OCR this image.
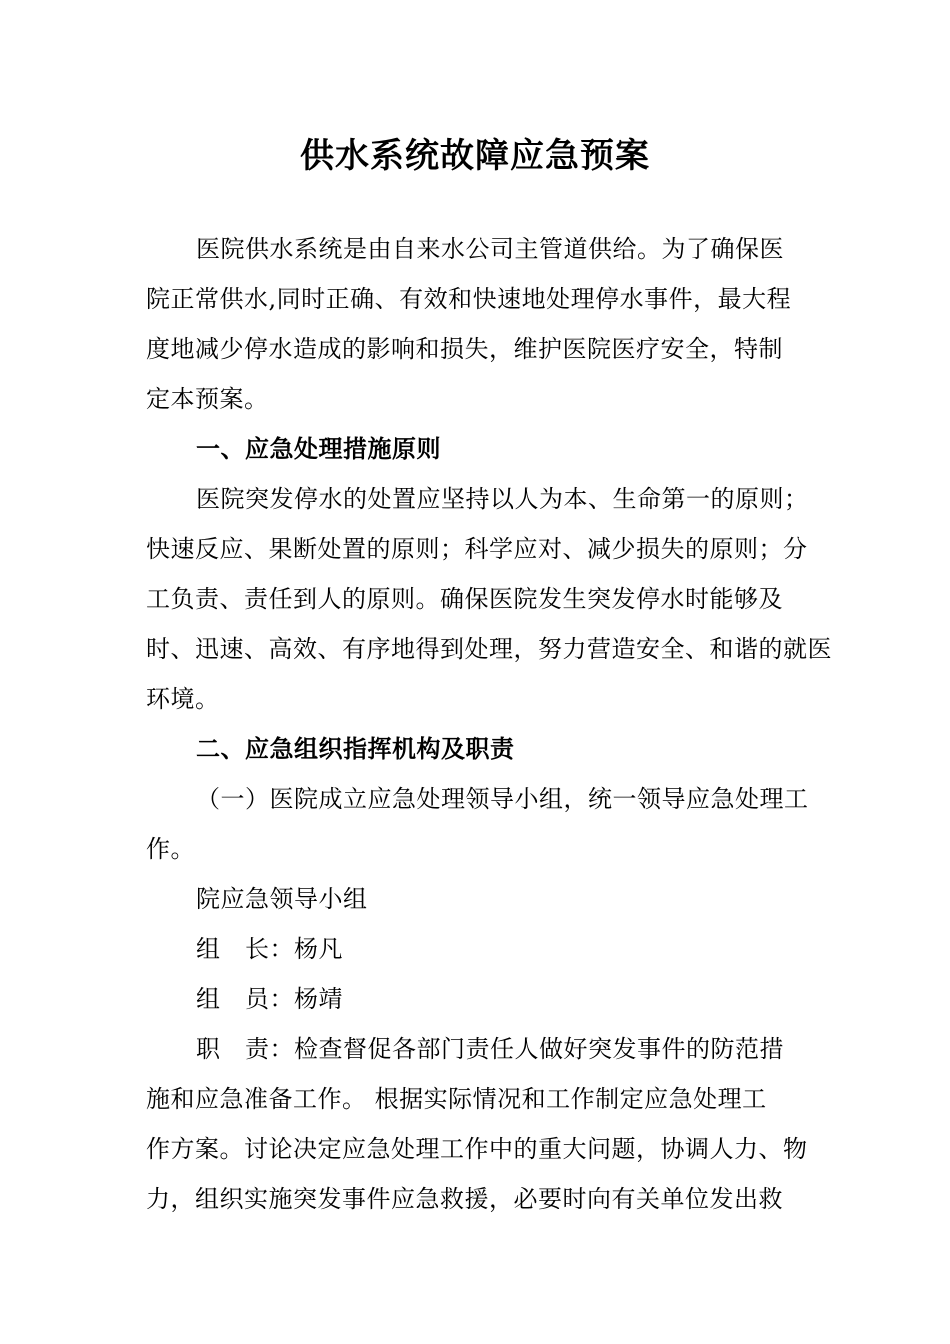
供水系统故障应急预案
医院供水系统是由自来水公司主管道供给。为了确保医
院正常供水,同时正确、有效和快速地处理停水事件，最大程
度地减少停水造成的影响和损失，维护医院医疗安全，特制
定本预案。
一、应急处理措施原则
医院突发停水的处置应坚持以人为本、生命第一的原则；
快速反应、果断处置的原则；科学应对、减少损失的原则；分
工负责、责任到人的原则。确保医院发生突发停水时能够及
时、迅速、高效、有序地得到处理，努力营造安全、和谐的就医
环境。
二、应急组织指挥机构及职责
（一）医院成立应急处理领导小组，统一领导应急处理工
作。
院应急领导小组
组　长：杨凡
组　员：杨靖
职　责：检查督促各部门责任人做好突发事件的防范措
施和应急准备工作。 根据实际情况和工作制定应急处理工
作方案。讨论决定应急处理工作中的重大问题，协调人力、物
力，组织实施突发事件应急救援，必要时向有关单位发出救
